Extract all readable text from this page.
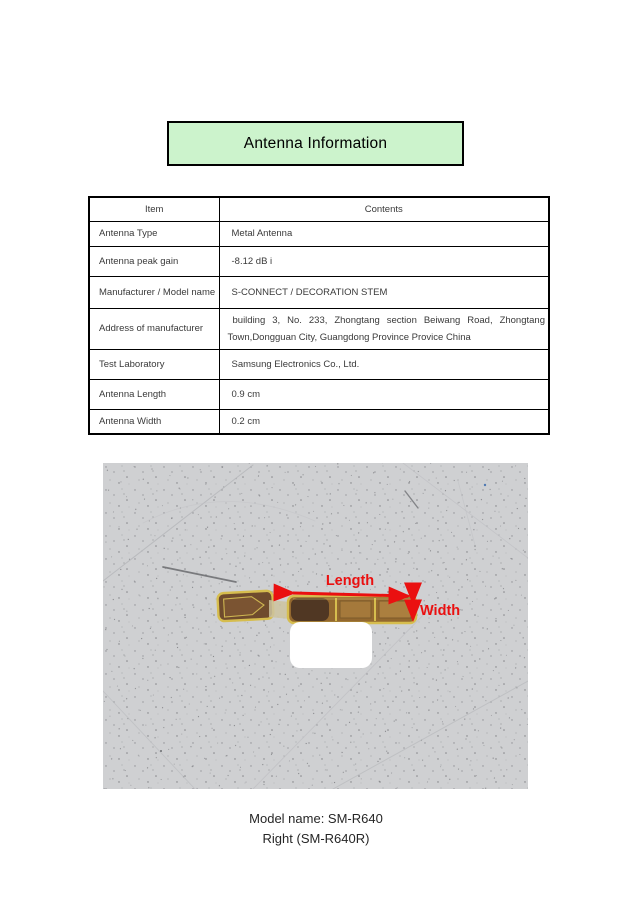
Antenna Information
Item	Contents
Antenna Type	Metal Antenna
Antenna peak gain	-8.12 dB i
Manufacturer / Model name	S-CONNECT / DECORATION STEM
Address of manufacturer	building 3, No. 233, Zhongtang section Beiwang Road, Zhongtang Town,Dongguan City, Guangdong Province Provice China
Test Laboratory	Samsung Electronics Co., Ltd.
Antenna Length	0.9 cm
Antenna Width	0.2 cm
Length
Width
Model name: SM-R640
Right (SM-R640R)
